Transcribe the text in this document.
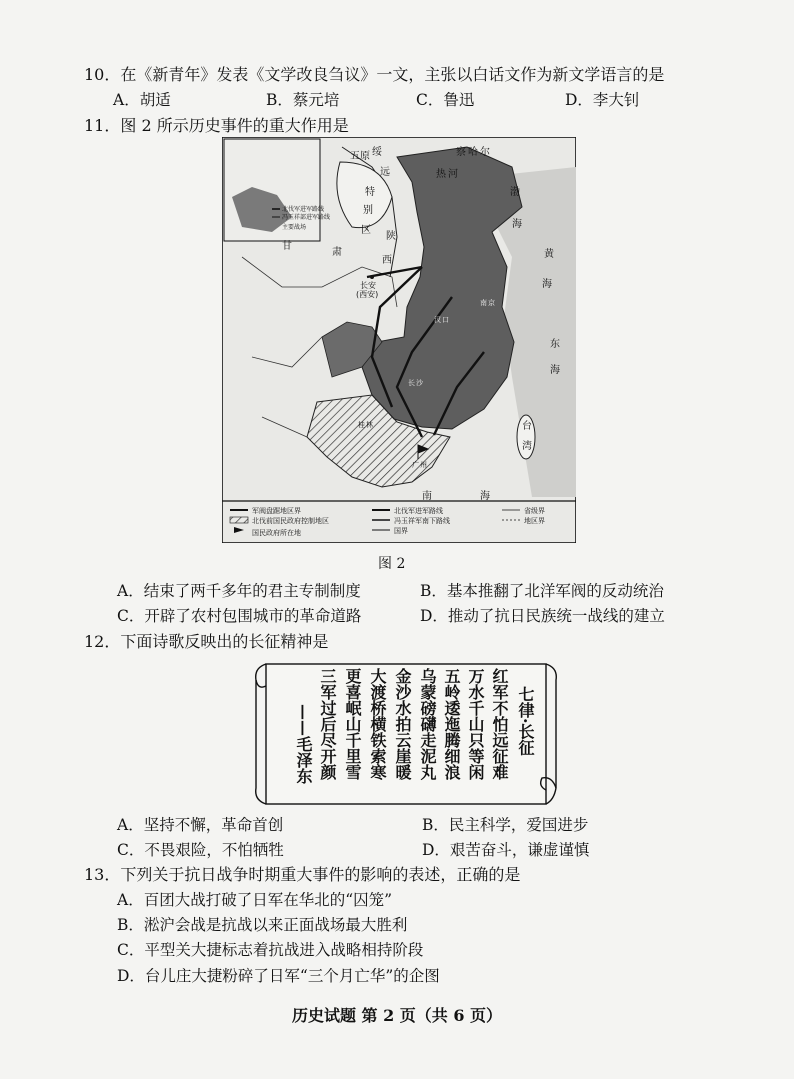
10．在《新青年》发表《文学改良刍议》一文，主张以白话文作为新文学语言的是
A．胡适	B．蔡元培	C．鲁迅	D．李大钊
11．图 2 所示历史事件的重大作用是
北伐军进军路线
冯玉祥部进军路线
主要战场
五原 绥
远
特
别
区
察 哈 尔
热 河
渤
海
黄
海
陕
西
甘
肃
长安
(西安)
东
海
台
湾
南	海
汉 口
南 京
长 沙
桂 林
广 州
军阀盘踞地区界
北伐前国民政府控制地区
国民政府所在地
北伐军进军路线
冯玉祥军南下路线
国界
省级界
地区界
图 2
A．结束了两千多年的君主专制制度	B．基本推翻了北洋军阀的反动统治
C．开辟了农村包围城市的革命道路	D．推动了抗日民族统一战线的建立
12．下面诗歌反映出的长征精神是
七律·长征
红军不怕远征难
万水千山只等闲
五岭逶迤腾细浪
乌蒙磅礴走泥丸
金沙水拍云崖暖
大渡桥横铁索寒
更喜岷山千里雪
三军过后尽开颜
——毛泽东
A．坚持不懈，革命首创	B．民主科学，爱国进步
C．不畏艰险，不怕牺牲	D．艰苦奋斗，谦虚谨慎
13．下列关于抗日战争时期重大事件的影响的表述，正确的是
A．百团大战打破了日军在华北的“囚笼”
B．淞沪会战是抗战以来正面战场最大胜利
C．平型关大捷标志着抗战进入战略相持阶段
D．台儿庄大捷粉碎了日军“三个月亡华”的企图
历史试题 第 2 页（共 6 页）
